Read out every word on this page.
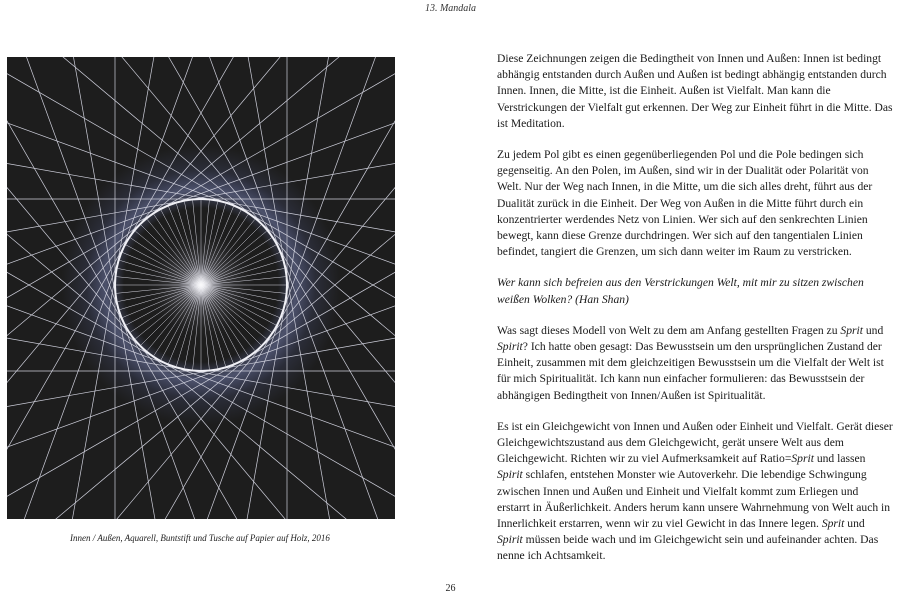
13. Mandala
Innen / Außen, Aquarell, Buntstift und Tusche auf Papier auf Holz, 2016

Diese Zeichnungen zeigen die Bedingtheit von Innen und Außen: Innen ist bedingt abhängig entstanden durch Außen und Außen ist bedingt abhängig entstanden durch Innen. Innen, die Mitte, ist die Einheit. Außen ist Vielfalt. Man kann die Verstrickungen der Vielfalt gut erkennen. Der Weg zur Einheit führt in die Mitte. Das ist Meditation.

Zu jedem Pol gibt es einen gegenüberliegenden Pol und die Pole bedingen sich gegenseitig. An den Polen, im Außen, sind wir in der Dualität oder Polarität von Welt. Nur der Weg nach Innen, in die Mitte, um die sich alles dreht, führt aus der Dualität zurück in die Einheit. Der Weg von Außen in die Mitte führt durch ein konzentrierter werdendes Netz von Linien. Wer sich auf den senkrechten Linien bewegt, kann diese Grenze durchdringen. Wer sich auf den tangentialen Linien befindet, tangiert die Grenzen, um sich dann weiter im Raum zu verstricken.

Wer kann sich befreien aus den Verstrickungen Welt, mit mir zu sitzen zwischen weißen Wolken? (Han Shan)

Was sagt dieses Modell von Welt zu dem am Anfang gestellten Fragen zu Sprit und Spirit? Ich hatte oben gesagt: Das Bewusstsein um den ursprünglichen Zustand der Einheit, zusammen mit dem gleichzeitigen Bewusstsein um die Vielfalt der Welt ist für mich Spiritualität. Ich kann nun einfacher formulieren: das Bewusstsein der abhängigen Bedingtheit von Innen/Außen ist Spiritualität.

Es ist ein Gleichgewicht von Innen und Außen oder Einheit und Vielfalt. Gerät dieser Gleichgewichtszustand aus dem Gleichgewicht, gerät unsere Welt aus dem Gleichgewicht. Richten wir zu viel Aufmerksamkeit auf Ratio=Sprit und lassen Spirit schlafen, entstehen Monster wie Autoverkehr. Die lebendige Schwingung zwischen Innen und Außen und Einheit und Vielfalt kommt zum Erliegen und erstarrt in Äußerlichkeit. Anders herum kann unsere Wahrnehmung von Welt auch in Innerlichkeit erstarren, wenn wir zu viel Gewicht in das Innere legen. Sprit und Spirit müssen beide wach und im Gleichgewicht sein und aufeinander achten. Das nenne ich Achtsamkeit.

26
